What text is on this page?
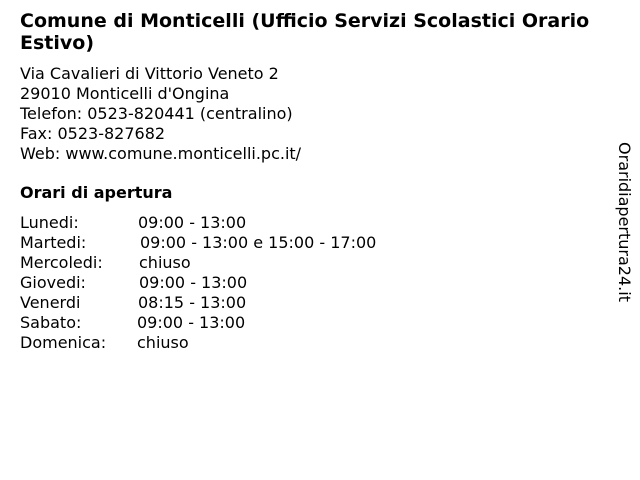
Comune di Monticelli (Ufficio Servizi Scolastici Orario Estivo)
Via Cavalieri di Vittorio Veneto 2
29010 Monticelli d'Ongina
Telefon: 0523-820441 (centralino)
Fax: 0523-827682
Web: www.comune.monticelli.pc.it/
Orari di apertura
Lunedi:	09:00 - 13:00
Martedi:	09:00 - 13:00 e 15:00 - 17:00
Mercoledi: chiuso
Giovedi:	09:00 - 13:00
Venerdi	08:15 - 13:00
Sabato:	09:00 - 13:00
Domenica: chiuso
Oraridiapertura24.it
